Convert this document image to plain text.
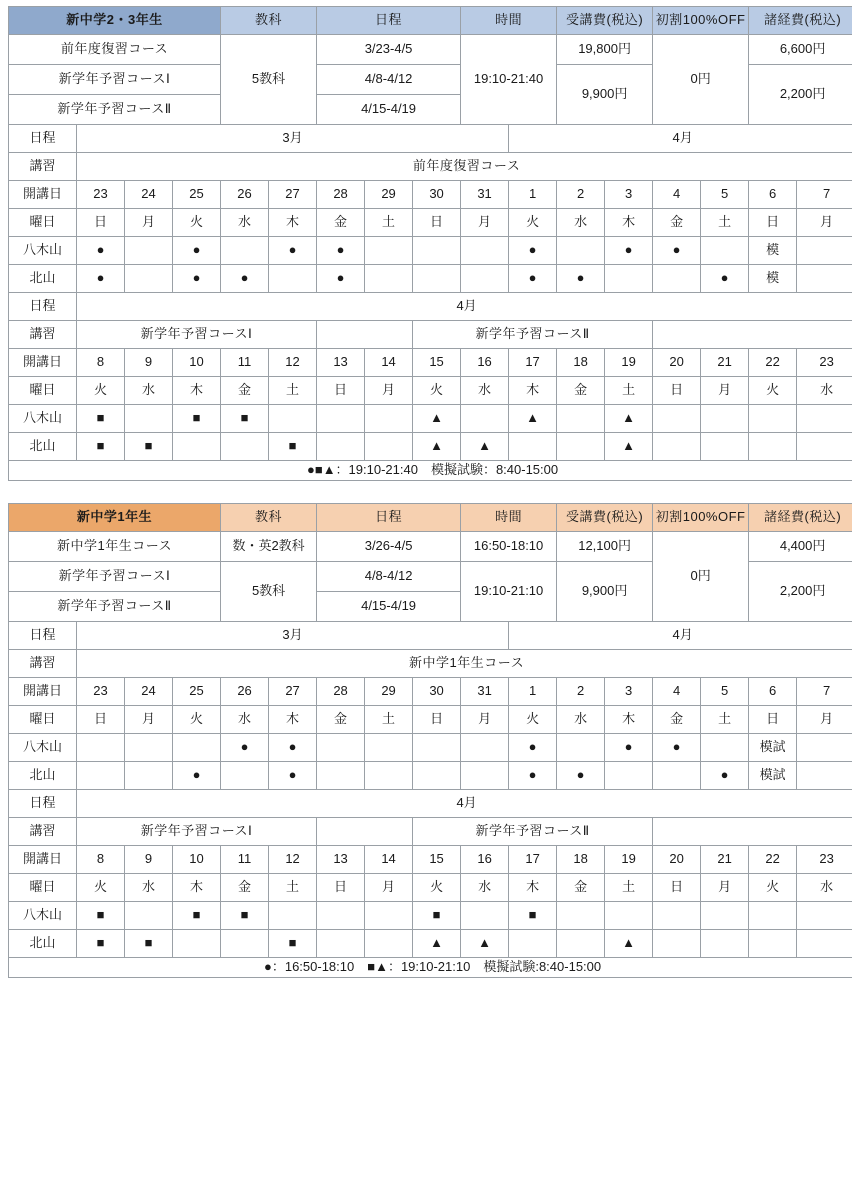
新中学2・3年生				教科		日程			時間		受講費(税込)		初割100%OFF		諸経費(税込)	
前年度復習コース				5教科		3/23-4/5			19:10-21:40		19,800円		0円		6,600円	
新学年予習コースⅠ						4/8-4/12					9,900円				2,200円	
新学年予習コースⅡ						4/15-4/19										
日程	3月									4月						
講習	前年度復習コース															
開講日	23	24	25	26	27	28	29	30	31	1	2	3	4	5	6	7
曜日	日	月	火	水	木	金	土	日	月	火	水	木	金	土	日	月
八木山	●		●		●	●				●		●	●		模	
北山	●		●	●		●				●	●			●	模	
日程	4月															
講習	新学年予習コースⅠ							新学年予習コースⅡ								
開講日	8	9	10	11	12	13	14	15	16	17	18	19	20	21	22	23
曜日	火	水	木	金	土	日	月	火	水	木	金	土	日	月	火	水
八木山	■		■	■				▲		▲		▲				
北山	■	■			■			▲	▲			▲				
●■▲：19:10-21:40　模擬試験：8:40-15:00																
新中学1年生				教科		日程			時間		受講費(税込)		初割100%OFF		諸経費(税込)	
新中学1年生コース				数・英2教科		3/26-4/5			16:50-18:10		12,100円		0円		4,400円	
新学年予習コースⅠ				5教科		4/8-4/12			19:10-21:10		9,900円				2,200円	
新学年予習コースⅡ						4/15-4/19										
日程	3月									4月						
講習	新中学1年生コース															
開講日	23	24	25	26	27	28	29	30	31	1	2	3	4	5	6	7
曜日	日	月	火	水	木	金	土	日	月	火	水	木	金	土	日	月
八木山				●	●					●		●	●		模試	
北山			●		●					●	●			●	模試	
日程	4月															
講習	新学年予習コースⅠ							新学年予習コースⅡ								
開講日	8	9	10	11	12	13	14	15	16	17	18	19	20	21	22	23
曜日	火	水	木	金	土	日	月	火	水	木	金	土	日	月	火	水
八木山	■		■	■				■		■						
北山	■	■			■			▲	▲			▲				
●：16:50-18:10　■▲：19:10-21:10　模擬試験:8:40-15:00																
